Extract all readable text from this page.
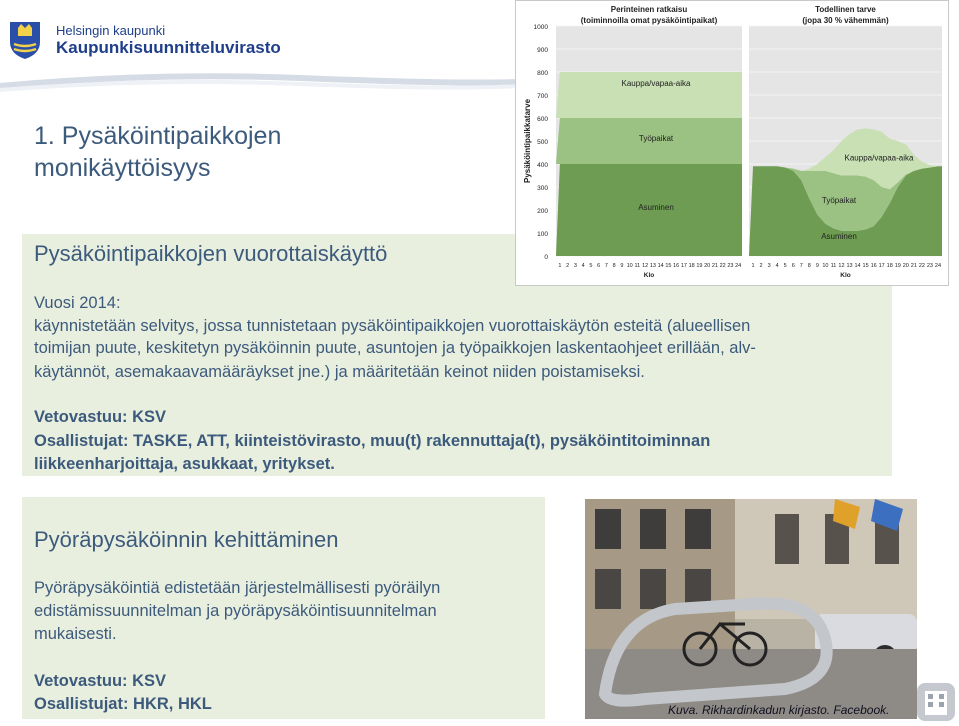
Helsingin kaupunki
Kaupunkisuunnitteluvirasto
1. Pysäköintipaikkojen
monikäyttöisyys
Pysäköintipaikkojen vuorottaiskäyttö
Vuosi 2014:
käynnistetään selvitys, jossa tunnistetaan pysäköintipaikkojen vuorottaiskäytön esteitä (alueellisen
toimijan puute, keskitetyn pysäköinnin puute, asuntojen ja työpaikkojen laskentaohjeet erillään, alv-
käytännöt, asemakaavamääräykset jne.) ja määritetään keinot niiden poistamiseksi.
Vetovastuu: KSV
Osallistujat: TASKE, ATT, kiinteistövirasto, muu(t) rakennuttaja(t), pysäköintitoiminnan
liikkeenharjoittaja, asukkaat, yritykset.
Pyöräpysäköinnin kehittäminen
Pyöräpysäköintiä edistetään järjestelmällisesti pyöräilyn
edistämissuunnitelman ja pyöräpysäköintisuunnitelman
mukaisesti.
Vetovastuu: KSV
Osallistujat: HKR, HKL
Pysäköintipaikkatarve
0
100
200
300
400
500
600
700
800
900
1000
Asuminen
Työpaikat
Kauppa/vapaa-aika
1 2 3 4 5 6 7 8 9 10 11 12 13 14 15 16 17 18 19 20 21 22 23 24
Klo
Perinteinen ratkaisu
(toiminnoilla omat pysäköintipaikat)
Asuminen
Työpaikat
Kauppa/vapaa-aika
1 2 3 4 5 6 7 8 9 10 11 12 13 14 15 16 17 18 19 20 21 22 23 24
Klo
Todellinen tarve
(jopa 30 % vähemmän)
Kuva. Rikhardinkadun kirjasto. Facebook.
